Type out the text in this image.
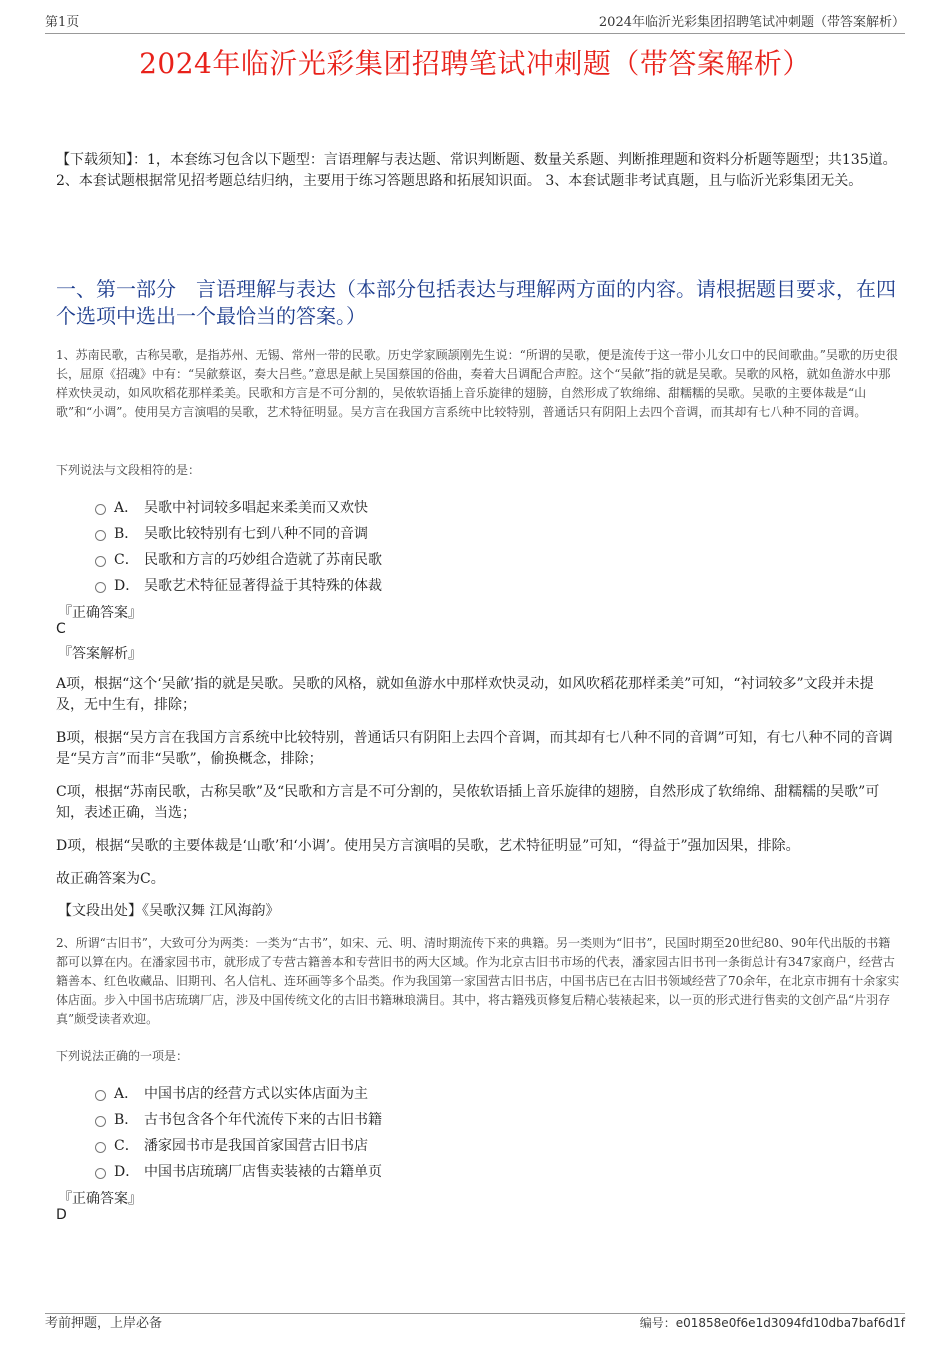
第1页	2024年临沂光彩集团招聘笔试冲刺题（带答案解析）
2024年临沂光彩集团招聘笔试冲刺题（带答案解析）
【下载须知】：1，本套练习包含以下题型：言语理解与表达题、常识判断题、数量关系题、判断推理题和资料分析题等题型；共135道。 2、本套试题根据常见招考题总结归纳，主要用于练习答题思路和拓展知识面。 3、本套试题非考试真题，且与临沂光彩集团无关。
一、第一部分　言语理解与表达（本部分包括表达与理解两方面的内容。请根据题目要求，在四个选项中选出一个最恰当的答案。）
1、苏南民歌，古称吴歌，是指苏州、无锡、常州一带的民歌。历史学家顾颉刚先生说：“所谓的吴歌，便是流传于这一带小儿女口中的民间歌曲。”吴歌的历史很长，屈原《招魂》中有：“吴歈蔡讴，奏大吕些。”意思是献上吴国蔡国的俗曲，奏着大吕调配合声腔。这个“吴歈”指的就是吴歌。吴歌的风格，就如鱼游水中那样欢快灵动，如风吹稻花那样柔美。民歌和方言是不可分割的，吴侬软语插上音乐旋律的翅膀，自然形成了软绵绵、甜糯糯的吴歌。吴歌的主要体裁是“山歌”和“小调”。使用吴方言演唱的吴歌，艺术特征明显。吴方言在我国方言系统中比较特别，普通话只有阴阳上去四个音调，而其却有七八种不同的音调。
下列说法与文段相符的是：
A． 吴歌中衬词较多唱起来柔美而又欢快
B． 吴歌比较特别有七到八种不同的音调
C． 民歌和方言的巧妙组合造就了苏南民歌
D． 吴歌艺术特征显著得益于其特殊的体裁
『正确答案』
C
『答案解析』

A项，根据“这个‘吴歈’指的就是吴歌。吴歌的风格，就如鱼游水中那样欢快灵动，如风吹稻花那样柔美”可知，“衬词较多”文段并未提及，无中生有，排除；

B项，根据“吴方言在我国方言系统中比较特别，普通话只有阴阳上去四个音调，而其却有七八种不同的音调”可知，有七八种不同的音调是“吴方言”而非“吴歌”，偷换概念，排除；

C项，根据“苏南民歌，古称吴歌”及“民歌和方言是不可分割的，吴侬软语插上音乐旋律的翅膀，自然形成了软绵绵、甜糯糯的吴歌”可知，表述正确，当选；

D项，根据“吴歌的主要体裁是‘山歌’和‘小调’。使用吴方言演唱的吴歌，艺术特征明显”可知，“得益于”强加因果，排除。

故正确答案为C。

【文段出处】《吴歌汉舞 江风海韵》
2、所谓“古旧书”，大致可分为两类：一类为“古书”，如宋、元、明、清时期流传下来的典籍。另一类则为“旧书”，民国时期至20世纪80、90年代出版的书籍都可以算在内。在潘家园书市，就形成了专营古籍善本和专营旧书的两大区域。作为北京古旧书市场的代表，潘家园古旧书刊一条街总计有347家商户，经营古籍善本、红色收藏品、旧期刊、名人信札、连环画等多个品类。作为我国第一家国营古旧书店，中国书店已在古旧书领域经营了70余年，在北京市拥有十余家实体店面。步入中国书店琉璃厂店，涉及中国传统文化的古旧书籍琳琅满目。其中，将古籍残页修复后精心装裱起来，以一页的形式进行售卖的文创产品“片羽存真”颇受读者欢迎。
下列说法正确的一项是：
A． 中国书店的经营方式以实体店面为主
B． 古书包含各个年代流传下来的古旧书籍
C． 潘家园书市是我国首家国营古旧书店
D． 中国书店琉璃厂店售卖装裱的古籍单页
『正确答案』
D
考前押题，上岸必备	编号：e01858e0f6e1d3094fd10dba7baf6d1f
